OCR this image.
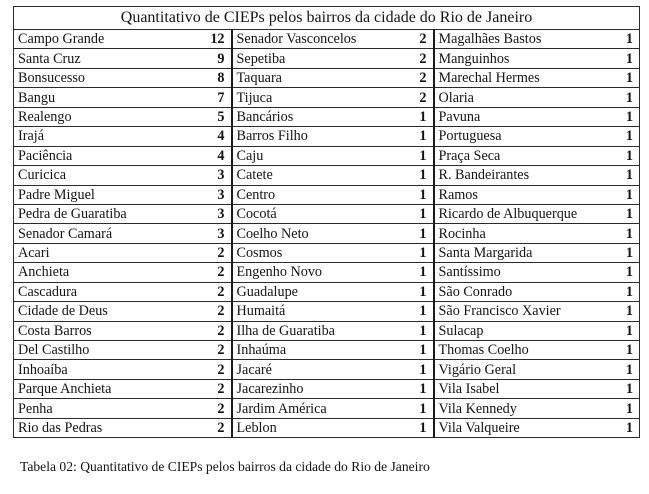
Quantitativo de CIEPs pelos bairros da cidade do Rio de Janeiro					
Campo Grande	12	Senador Vasconcelos	2	Magalhães Bastos	1
Santa Cruz	9	Sepetiba	2	Manguinhos	1
Bonsucesso	8	Taquara	2	Marechal Hermes	1
Bangu	7	Tijuca	2	Olaria	1
Realengo	5	Bancários	1	Pavuna	1
Irajá	4	Barros Filho	1	Portuguesa	1
Paciência	4	Caju	1	Praça Seca	1
Curicica	3	Catete	1	R. Bandeirantes	1
Padre Miguel	3	Centro	1	Ramos	1
Pedra de Guaratiba	3	Cocotá	1	Ricardo de Albuquerque	1
Senador Camará	3	Coelho Neto	1	Rocinha	1
Acari	2	Cosmos	1	Santa Margarida	1
Anchieta	2	Engenho Novo	1	Santíssimo	1
Cascadura	2	Guadalupe	1	São Conrado	1
Cidade de Deus	2	Humaitá	1	São Francisco Xavier	1
Costa Barros	2	Ilha de Guaratiba	1	Sulacap	1
Del Castilho	2	Inhaúma	1	Thomas Coelho	1
Inhoaíba	2	Jacaré	1	Vigário Geral	1
Parque Anchieta	2	Jacarezinho	1	Vila Isabel	1
Penha	2	Jardim América	1	Vila Kennedy	1
Rio das Pedras	2	Leblon	1	Vila Valqueire	1
Tabela 02: Quantitativo de CIEPs pelos bairros da cidade do Rio de Janeiro
